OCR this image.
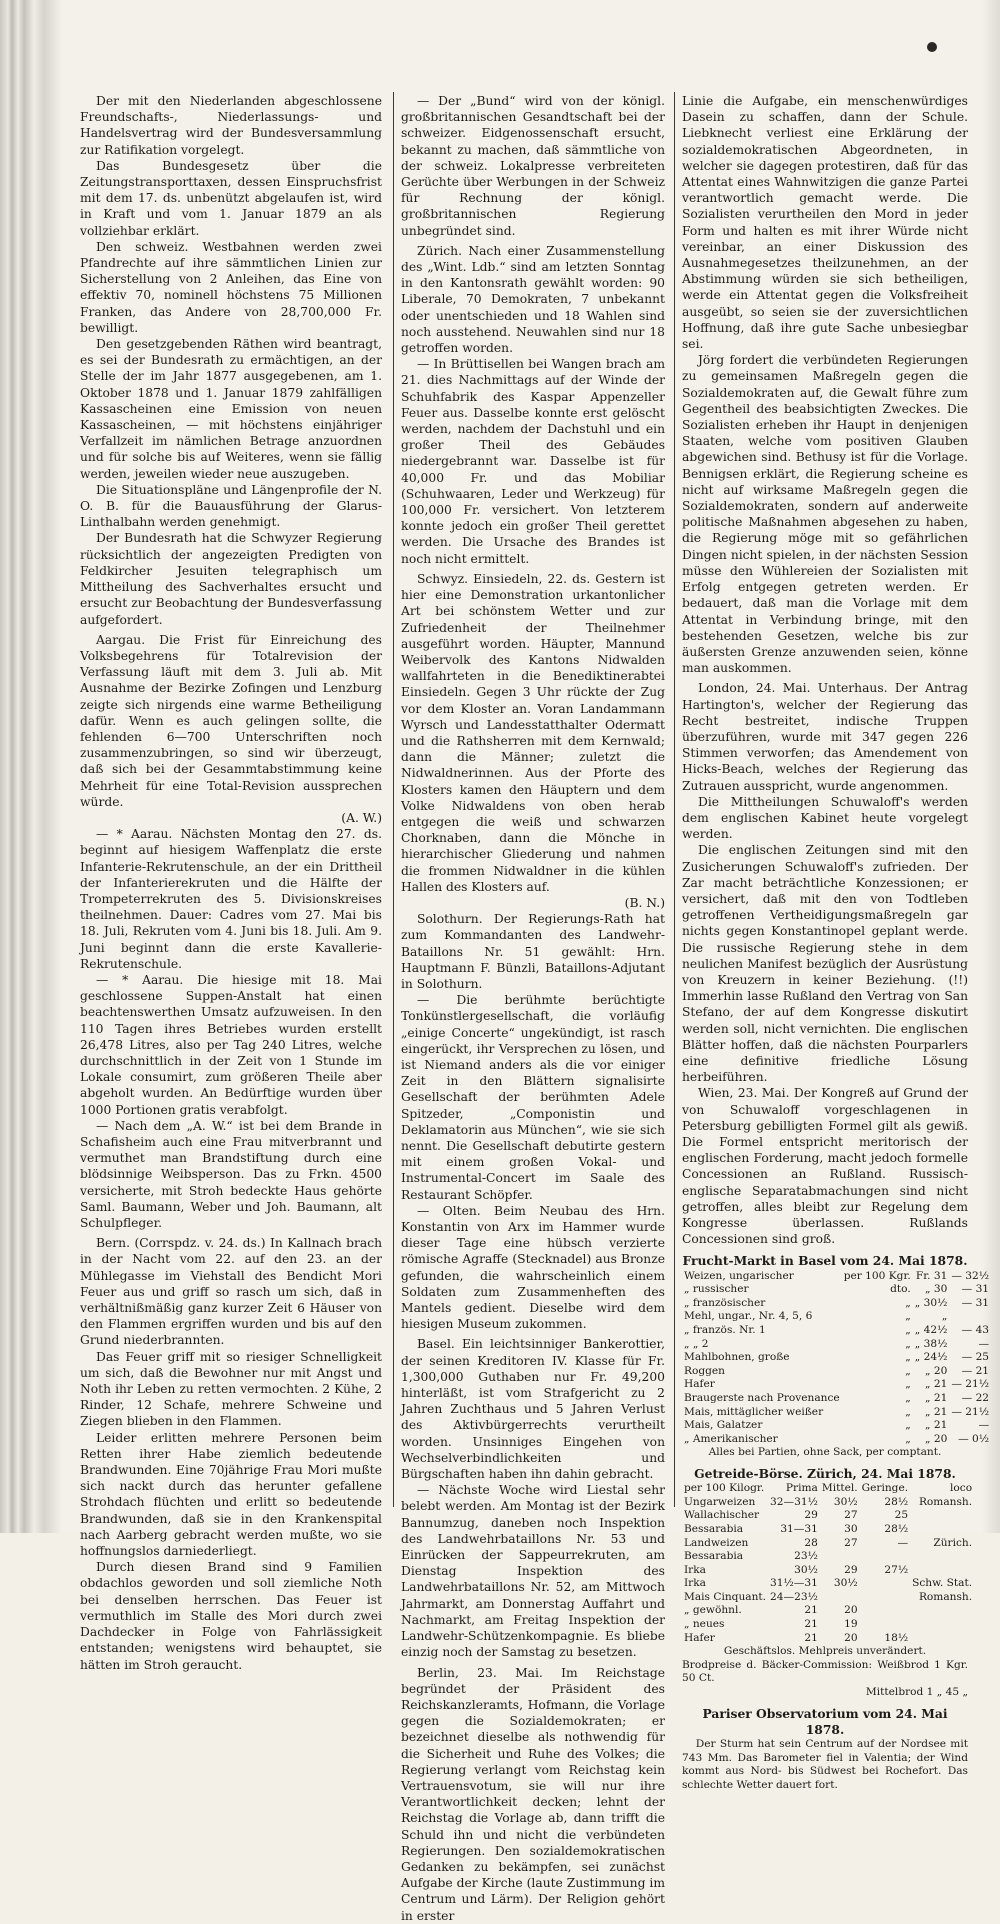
Der mit den Niederlanden abgeschlossene Freundschafts-, Niederlassungs- und Handelsvertrag wird der Bundesversammlung zur Ratifikation vorgelegt.

Das Bundesgesetz über die Zeitungstransporttaxen, dessen Einspruchsfrist mit dem 17. ds. unbenützt abgelaufen ist, wird in Kraft und vom 1. Januar 1879 an als vollziehbar erklärt.

Den schweiz. Westbahnen werden zwei Pfandrechte auf ihre sämmtlichen Linien zur Sicherstellung von 2 Anleihen, das Eine von effektiv 70, nominell höchstens 75 Millionen Franken, das Andere von 28,700,000 Fr. bewilligt.

Den gesetzgebenden Räthen wird beantragt, es sei der Bundesrath zu ermächtigen, an der Stelle der im Jahr 1877 ausgegebenen, am 1. Oktober 1878 und 1. Januar 1879 zahlfälligen Kassascheinen eine Emission von neuen Kassascheinen, — mit höchstens einjähriger Verfallzeit im nämlichen Betrage anzuordnen und für solche bis auf Weiteres, wenn sie fällig werden, jeweilen wieder neue auszugeben.

Die Situationspläne und Längenprofile der N. O. B. für die Bauausführung der Glarus-Linthalbahn werden genehmigt.

Der Bundesrath hat die Schwyzer Regierung rücksichtlich der angezeigten Predigten von Feldkircher Jesuiten telegraphisch um Mittheilung des Sachverhaltes ersucht und ersucht zur Beobachtung der Bundesverfassung aufgefordert.

Aargau. Die Frist für Einreichung des Volksbegehrens für Totalrevision der Verfassung läuft mit dem 3. Juli ab. Mit Ausnahme der Bezirke Zofingen und Lenzburg zeigte sich nirgends eine warme Betheiligung dafür. Wenn es auch gelingen sollte, die fehlenden 6—700 Unterschriften noch zusammenzubringen, so sind wir überzeugt, daß sich bei der Gesammtabstimmung keine Mehrheit für eine Total-Revision aussprechen würde.

(A. W.)

— * Aarau. Nächsten Montag den 27. ds. beginnt auf hiesigem Waffenplatz die erste Infanterie-Rekrutenschule, an der ein Drittheil der Infanterierekruten und die Hälfte der Trompeterrekruten des 5. Divisionskreises theilnehmen. Dauer: Cadres vom 27. Mai bis 18. Juli, Rekruten vom 4. Juni bis 18. Juli. Am 9. Juni beginnt dann die erste Kavallerie-Rekrutenschule.

— * Aarau. Die hiesige mit 18. Mai geschlossene Suppen-Anstalt hat einen beachtenswerthen Umsatz aufzuweisen. In den 110 Tagen ihres Betriebes wurden erstellt 26,478 Litres, also per Tag 240 Litres, welche durchschnittlich in der Zeit von 1 Stunde im Lokale consumirt, zum größeren Theile aber abgeholt wurden. An Bedürftige wurden über 1000 Portionen gratis verabfolgt.

— Nach dem „A. W.“ ist bei dem Brande in Schafisheim auch eine Frau mitverbrannt und vermuthet man Brandstiftung durch eine blödsinnige Weibsperson. Das zu Frkn. 4500 versicherte, mit Stroh bedeckte Haus gehörte Saml. Baumann, Weber und Joh. Baumann, alt Schulpfleger.

Bern. (Corrspdz. v. 24. ds.) In Kallnach brach in der Nacht vom 22. auf den 23. an der Mühlegasse im Viehstall des Bendicht Mori Feuer aus und griff so rasch um sich, daß in verhältnißmäßig ganz kurzer Zeit 6 Häuser von den Flammen ergriffen wurden und bis auf den Grund niederbrannten.

Das Feuer griff mit so riesiger Schnelligkeit um sich, daß die Bewohner nur mit Angst und Noth ihr Leben zu retten vermochten. 2 Kühe, 2 Rinder, 12 Schafe, mehrere Schweine und Ziegen blieben in den Flammen.

Leider erlitten mehrere Personen beim Retten ihrer Habe ziemlich bedeutende Brandwunden. Eine 70jährige Frau Mori mußte sich nackt durch das herunter gefallene Strohdach flüchten und erlitt so bedeutende Brandwunden, daß sie in den Krankenspital nach Aarberg gebracht werden mußte, wo sie hoffnungslos darniederliegt.

Durch diesen Brand sind 9 Familien obdachlos geworden und soll ziemliche Noth bei denselben herrschen. Das Feuer ist vermuthlich im Stalle des Mori durch zwei Dachdecker in Folge von Fahrlässigkeit entstanden; wenigstens wird behauptet, sie hätten im Stroh geraucht.

— Der „Bund“ wird von der königl. großbritannischen Gesandtschaft bei der schweizer. Eidgenossenschaft ersucht, bekannt zu machen, daß sämmtliche von der schweiz. Lokalpresse verbreiteten Gerüchte über Werbungen in der Schweiz für Rechnung der königl. großbritannischen Regierung unbegründet sind.

Zürich. Nach einer Zusammenstellung des „Wint. Ldb.“ sind am letzten Sonntag in den Kantonsrath gewählt worden: 90 Liberale, 70 Demokraten, 7 unbekannt oder unentschieden und 18 Wahlen sind noch ausstehend. Neuwahlen sind nur 18 getroffen worden.

— In Brüttisellen bei Wangen brach am 21. dies Nachmittags auf der Winde der Schuhfabrik des Kaspar Appenzeller Feuer aus. Dasselbe konnte erst gelöscht werden, nachdem der Dachstuhl und ein großer Theil des Gebäudes niedergebrannt war. Dasselbe ist für 40,000 Fr. und das Mobiliar (Schuhwaaren, Leder und Werkzeug) für 100,000 Fr. versichert. Von letzterem konnte jedoch ein großer Theil gerettet werden. Die Ursache des Brandes ist noch nicht ermittelt.

Schwyz. Einsiedeln, 22. ds. Gestern ist hier eine Demonstration urkantonlicher Art bei schönstem Wetter und zur Zufriedenheit der Theilnehmer ausgeführt worden. Häupter, Mannund Weibervolk des Kantons Nidwalden wallfahrteten in die Benediktinerabtei Einsiedeln. Gegen 3 Uhr rückte der Zug vor dem Kloster an. Voran Landammann Wyrsch und Landesstatthalter Odermatt und die Rathsherren mit dem Kernwald; dann die Männer; zuletzt die Nidwaldnerinnen. Aus der Pforte des Klosters kamen den Häuptern und dem Volke Nidwaldens von oben herab entgegen die weiß und schwarzen Chorknaben, dann die Mönche in hierarchischer Gliederung und nahmen die frommen Nidwaldner in die kühlen Hallen des Klosters auf.

(B. N.)

Solothurn. Der Regierungs-Rath hat zum Kommandanten des Landwehr-Bataillons Nr. 51 gewählt: Hrn. Hauptmann F. Bünzli, Bataillons-Adjutant in Solothurn.

— Die berühmte berüchtigte Tonkünstlergesellschaft, die vorläufig „einige Concerte“ ungekündigt, ist rasch eingerückt, ihr Versprechen zu lösen, und ist Niemand anders als die vor einiger Zeit in den Blättern signalisirte Gesellschaft der berühmten Adele Spitzeder, „Componistin und Deklamatorin aus München“, wie sie sich nennt. Die Gesellschaft debutirte gestern mit einem großen Vokal- und Instrumental-Concert im Saale des Restaurant Schöpfer.

— Olten. Beim Neubau des Hrn. Konstantin von Arx im Hammer wurde dieser Tage eine hübsch verzierte römische Agraffe (Stecknadel) aus Bronze gefunden, die wahrscheinlich einem Soldaten zum Zusammenheften des Mantels gedient. Dieselbe wird dem hiesigen Museum zukommen.

Basel. Ein leichtsinniger Bankerottier, der seinen Kreditoren IV. Klasse für Fr. 1,300,000 Guthaben nur Fr. 49,200 hinterläßt, ist vom Strafgericht zu 2 Jahren Zuchthaus und 5 Jahren Verlust des Aktivbürgerrechts verurtheilt worden. Unsinniges Eingehen von Wechselverbindlichkeiten und Bürgschaften haben ihn dahin gebracht.

— Nächste Woche wird Liestal sehr belebt werden. Am Montag ist der Bezirk Bannumzug, daneben noch Inspektion des Landwehrbataillons Nr. 53 und Einrücken der Sappeurrekruten, am Dienstag Inspektion des Landwehrbataillons Nr. 52, am Mittwoch Jahrmarkt, am Donnerstag Auffahrt und Nachmarkt, am Freitag Inspektion der Landwehr-Schützenkompagnie. Es bliebe einzig noch der Samstag zu besetzen.

Berlin, 23. Mai. Im Reichstage begründet der Präsident des Reichskanzleramts, Hofmann, die Vorlage gegen die Sozialdemokraten; er bezeichnet dieselbe als nothwendig für die Sicherheit und Ruhe des Volkes; die Regierung verlangt vom Reichstag kein Vertrauensvotum, sie will nur ihre Verantwortlichkeit decken; lehnt der Reichstag die Vorlage ab, dann trifft die Schuld ihn und nicht die verbündeten Regierungen. Den sozialdemokratischen Gedanken zu bekämpfen, sei zunächst Aufgabe der Kirche (laute Zustimmung im Centrum und Lärm). Der Religion gehört in erster

Linie die Aufgabe, ein menschenwürdiges Dasein zu schaffen, dann der Schule. Liebknecht verliest eine Erklärung der sozialdemokratischen Abgeordneten, in welcher sie dagegen protestiren, daß für das Attentat eines Wahnwitzigen die ganze Partei verantwortlich gemacht werde. Die Sozialisten verurtheilen den Mord in jeder Form und halten es mit ihrer Würde nicht vereinbar, an einer Diskussion des Ausnahmegesetzes theilzunehmen, an der Abstimmung würden sie sich betheiligen, werde ein Attentat gegen die Volksfreiheit ausgeübt, so seien sie der zuversichtlichen Hoffnung, daß ihre gute Sache unbesiegbar sei.

Jörg fordert die verbündeten Regierungen zu gemeinsamen Maßregeln gegen die Sozialdemokraten auf, die Gewalt führe zum Gegentheil des beabsichtigten Zweckes. Die Sozialisten erheben ihr Haupt in denjenigen Staaten, welche vom positiven Glauben abgewichen sind. Bethusy ist für die Vorlage. Bennigsen erklärt, die Regierung scheine es nicht auf wirksame Maßregeln gegen die Sozialdemokraten, sondern auf anderweite politische Maßnahmen abgesehen zu haben, die Regierung möge mit so gefährlichen Dingen nicht spielen, in der nächsten Session müsse den Wühlereien der Sozialisten mit Erfolg entgegen getreten werden. Er bedauert, daß man die Vorlage mit dem Attentat in Verbindung bringe, mit den bestehenden Gesetzen, welche bis zur äußersten Grenze anzuwenden seien, könne man auskommen.

London, 24. Mai. Unterhaus. Der Antrag Hartington's, welcher der Regierung das Recht bestreitet, indische Truppen überzuführen, wurde mit 347 gegen 226 Stimmen verworfen; das Amendement von Hicks-Beach, welches der Regierung das Zutrauen ausspricht, wurde angenommen.

Die Mittheilungen Schuwaloff's werden dem englischen Kabinet heute vorgelegt werden.

Die englischen Zeitungen sind mit den Zusicherungen Schuwaloff's zufrieden. Der Zar macht beträchtliche Konzessionen; er versichert, daß mit den von Todtleben getroffenen Vertheidigungsmaßregeln gar nichts gegen Konstantinopel geplant werde. Die russische Regierung stehe in dem neulichen Manifest bezüglich der Ausrüstung von Kreuzern in keiner Beziehung. (!!) Immerhin lasse Rußland den Vertrag von San Stefano, der auf dem Kongresse diskutirt werden soll, nicht vernichten. Die englischen Blätter hoffen, daß die nächsten Pourparlers eine definitive friedliche Lösung herbeiführen.

Wien, 23. Mai. Der Kongreß auf Grund der von Schuwaloff vorgeschlagenen in Petersburg gebilligten Formel gilt als gewiß. Die Formel entspricht meritorisch der englischen Forderung, macht jedoch formelle Concessionen an Rußland. Russisch-englische Separatabmachungen sind nicht getroffen, alles bleibt zur Regelung dem Kongresse überlassen. Rußlands Concessionen sind groß.

Frucht-Markt in Basel vom 24. Mai 1878.
Weizen, ungarischer	per 100 Kgr.	Fr. 31	— 32½
„ russischer	dto.	„ 30	— 31
„ französischer	„	„ 30½	— 31
Mehl, ungar., Nr. 4, 5, 6	„	„	
„ französ. Nr. 1	„	„ 42½	— 43
„ „ 2	„	„ 38½	—
Mahlbohnen, große	„	„ 24½	— 25
Roggen	„	„ 20	— 21
Hafer	„	„ 21	— 21½
Braugerste nach Provenance	„	„ 21	— 22
Mais, mittäglicher weißer	„	„ 21	— 21½
Mais, Galatzer	„	„ 21	—
„ Amerikanischer	„	„ 20	— 0½
Alles bei Partien, ohne Sack, per comptant.
Getreide-Börse. Zürich, 24. Mai 1878.
per 100 Kilogr.	Prima	Mittel.	Geringe.	loco
Ungarweizen	32—31½	30½	28½	Romansh.
Wallachischer	29	27	25	
Bessarabia	31—31	30	28½	
Landweizen	28	27	—	Zürich.
Bessarabia	23½			
Irka	30½	29	27½	
Irka	31½—31	30½		Schw. Stat.
Mais Cinquant.	24—23½			Romansh.
„ gewöhnl.	21	20		
„ neues	21	19		
Hafer	21	20	18½	
Geschäftslos. Mehlpreis unverändert.
Brodpreise d. Bäcker-Commission: Weißbrod 1 Kgr. 50 Ct.
Mittelbrod 1 „ 45 „
Pariser Observatorium vom 24. Mai 1878.

Der Sturm hat sein Centrum auf der Nordsee mit 743 Mm. Das Barometer fiel in Valentia; der Wind kommt aus Nord- bis Südwest bei Rochefort. Das schlechte Wetter dauert fort.
